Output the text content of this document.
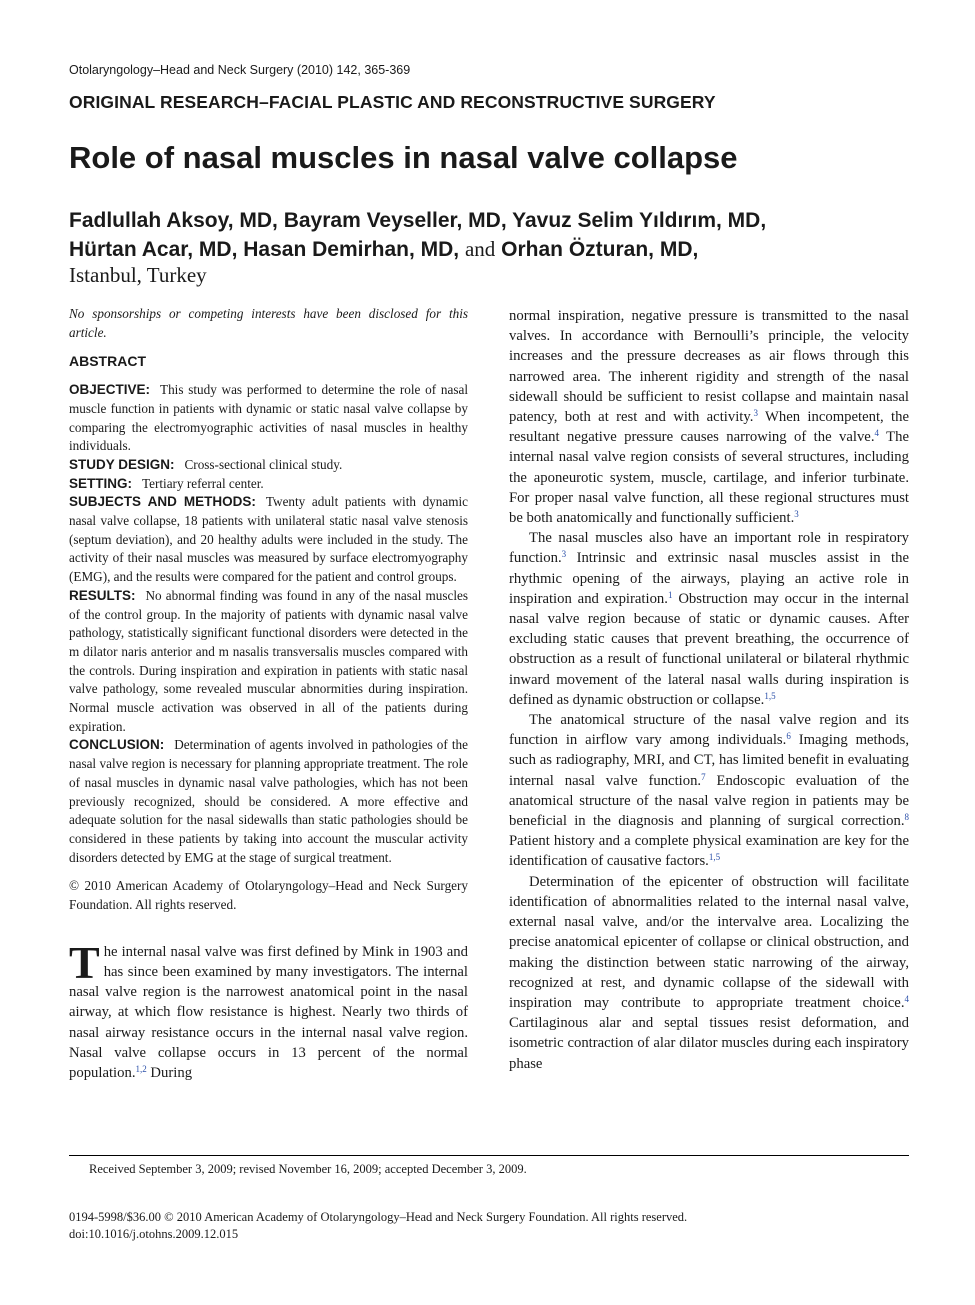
Otolaryngology–Head and Neck Surgery (2010) 142, 365-369
ORIGINAL RESEARCH–FACIAL PLASTIC AND RECONSTRUCTIVE SURGERY
Role of nasal muscles in nasal valve collapse
Fadlullah Aksoy, MD, Bayram Veyseller, MD, Yavuz Selim Yıldırım, MD,
Hürtan Acar, MD, Hasan Demirhan, MD, and Orhan Özturan, MD,
Istanbul, Turkey

No sponsorships or competing interests have been disclosed for this article.

ABSTRACT

OBJECTIVE: This study was performed to determine the role of nasal muscle function in patients with dynamic or static nasal valve collapse by comparing the electromyographic activities of nasal muscles in healthy individuals.

STUDY DESIGN: Cross-sectional clinical study.

SETTING: Tertiary referral center.

SUBJECTS AND METHODS: Twenty adult patients with dynamic nasal valve collapse, 18 patients with unilateral static nasal valve stenosis (septum deviation), and 20 healthy adults were included in the study. The activity of their nasal muscles was measured by surface electromyography (EMG), and the results were compared for the patient and control groups.

RESULTS: No abnormal finding was found in any of the nasal muscles of the control group. In the majority of patients with dynamic nasal valve pathology, statistically significant functional disorders were detected in the m dilator naris anterior and m nasalis transversalis muscles compared with the controls. During inspiration and expiration in patients with static nasal valve pathology, some revealed muscular abnormities during inspiration. Normal muscle activation was observed in all of the patients during expiration.

CONCLUSION: Determination of agents involved in pathologies of the nasal valve region is necessary for planning appropriate treatment. The role of nasal muscles in dynamic nasal valve pathologies, which has not been previously recognized, should be considered. A more effective and adequate solution for the nasal sidewalls than static pathologies should be considered in these patients by taking into account the muscular activity disorders detected by EMG at the stage of surgical treatment.

© 2010 American Academy of Otolaryngology–Head and Neck Surgery Foundation. All rights reserved.

The internal nasal valve was first defined by Mink in 1903 and has since been examined by many investigators. The internal nasal valve region is the narrowest anatomical point in the nasal airway, at which flow resistance is highest. Nearly two thirds of nasal airway resistance occurs in the internal nasal valve region. Nasal valve collapse occurs in 13 percent of the normal population.$^{1,2}$ During

normal inspiration, negative pressure is transmitted to the nasal valves. In accordance with Bernoulli’s principle, the velocity increases and the pressure decreases as air flows through this narrowed area. The inherent rigidity and strength of the nasal sidewall should be sufficient to resist collapse and maintain nasal patency, both at rest and with activity.$^3$ When incompetent, the resultant negative pressure causes narrowing of the valve.$^4$ The internal nasal valve region consists of several structures, including the aponeurotic system, muscle, cartilage, and inferior turbinate. For proper nasal valve function, all these regional structures must be both anatomically and functionally sufficient.$^3$

The nasal muscles also have an important role in respiratory function.$^3$ Intrinsic and extrinsic nasal muscles assist in the rhythmic opening of the airways, playing an active role in inspiration and expiration.$^1$ Obstruction may occur in the internal nasal valve region because of static or dynamic causes. After excluding static causes that prevent breathing, the occurrence of obstruction as a result of functional unilateral or bilateral rhythmic inward movement of the lateral nasal walls during inspiration is defined as dynamic obstruction or collapse.$^{1,5}$

The anatomical structure of the nasal valve region and its function in airflow vary among individuals.$^6$ Imaging methods, such as radiography, MRI, and CT, has limited benefit in evaluating internal nasal valve function.$^7$ Endoscopic evaluation of the anatomical structure of the nasal valve region in patients may be beneficial in the diagnosis and planning of surgical correction.$^8$ Patient history and a complete physical examination are key for the identification of causative factors.$^{1,5}$

Determination of the epicenter of obstruction will facilitate identification of abnormalities related to the internal nasal valve, external nasal valve, and/or the intervalve area. Localizing the precise anatomical epicenter of collapse or clinical obstruction, and making the distinction between static narrowing of the airway, recognized at rest, and dynamic collapse of the sidewall with inspiration may contribute to appropriate treatment choice.$^4$ Cartilaginous alar and septal tissues resist deformation, and isometric contraction of alar dilator muscles during each inspiratory phase

Received September 3, 2009; revised November 16, 2009; accepted December 3, 2009.
0194-5998/$36.00 © 2010 American Academy of Otolaryngology–Head and Neck Surgery Foundation. All rights reserved.
doi:10.1016/j.otohns.2009.12.015
